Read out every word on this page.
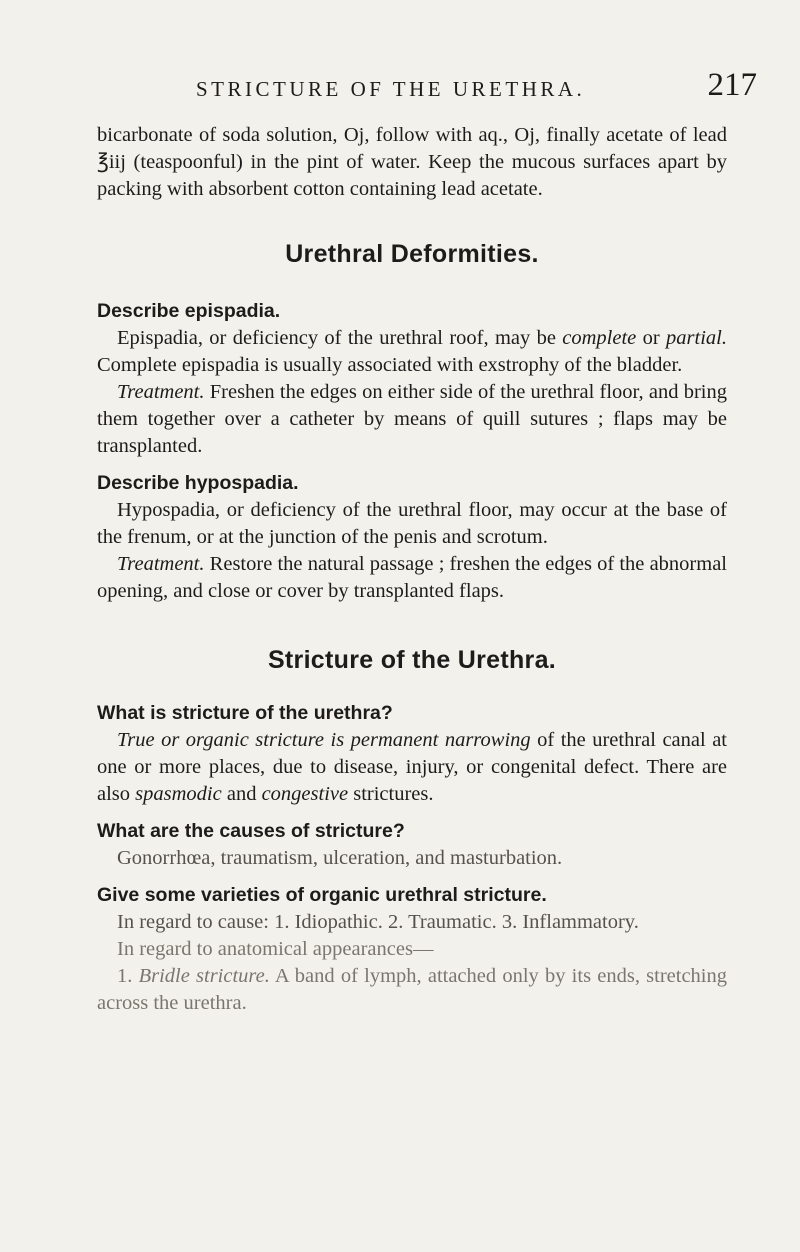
STRICTURE OF THE URETHRA.	217

bicarbonate of soda solution, Oj, follow with aq., Oj, finally acetate of lead ℥iij (teaspoonful) in the pint of water. Keep the mucous surfaces apart by packing with absorbent cotton containing lead acetate.

Urethral Deformities.

Describe epispadia.

Epispadia, or deficiency of the urethral roof, may be complete or partial. Complete epispadia is usually associated with exstrophy of the bladder.

Treatment. Freshen the edges on either side of the urethral floor, and bring them together over a catheter by means of quill sutures ; flaps may be transplanted.

Describe hypospadia.

Hypospadia, or deficiency of the urethral floor, may occur at the base of the frenum, or at the junction of the penis and scrotum.

Treatment. Restore the natural passage ; freshen the edges of the abnormal opening, and close or cover by transplanted flaps.

Stricture of the Urethra.

What is stricture of the urethra?

True or organic stricture is permanent narrowing of the urethral canal at one or more places, due to disease, injury, or congenital defect. There are also spasmodic and congestive strictures.

What are the causes of stricture?

Gonorrhœa, traumatism, ulceration, and masturbation.

Give some varieties of organic urethral stricture.

In regard to cause: 1. Idiopathic. 2. Traumatic. 3. Inflammatory.

In regard to anatomical appearances—

1. Bridle stricture. A band of lymph, attached only by its ends, stretching across the urethra.
